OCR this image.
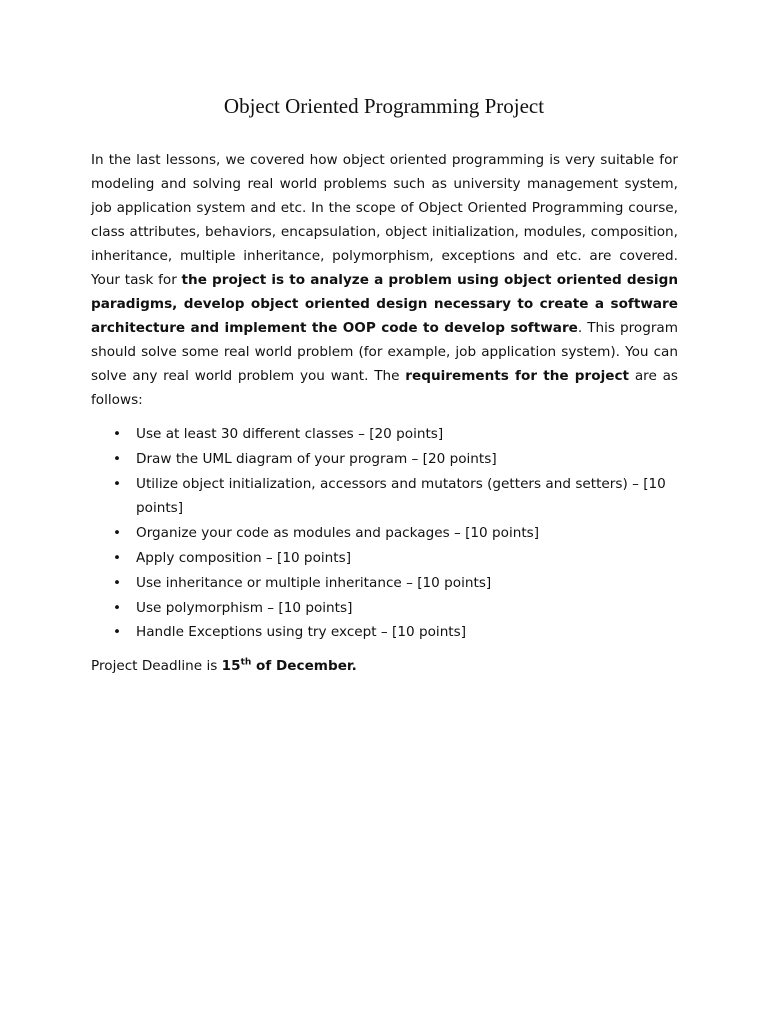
Object Oriented Programming Project

In the last lessons, we covered how object oriented programming is very suitable for modeling and solving real world problems such as university management system, job application system and etc. In the scope of Object Oriented Programming course, class attributes, behaviors, encapsulation, object initialization, modules, composition, inheritance, multiple inheritance, polymorphism, exceptions and etc. are covered. Your task for the project is to analyze a problem using object oriented design paradigms, develop object oriented design necessary to create a software architecture and implement the OOP code to develop software. This program should solve some real world problem (for example, job application system). You can solve any real world problem you want. The requirements for the project are as follows:

• Use at least 30 different classes – [20 points]
• Draw the UML diagram of your program – [20 points]
• Utilize object initialization, accessors and mutators (getters and setters) – [10 points]
• Organize your code as modules and packages – [10 points]
• Apply composition – [10 points]
• Use inheritance or multiple inheritance – [10 points]
• Use polymorphism – [10 points]
• Handle Exceptions using try except – [10 points]

Project Deadline is 15th of December.
